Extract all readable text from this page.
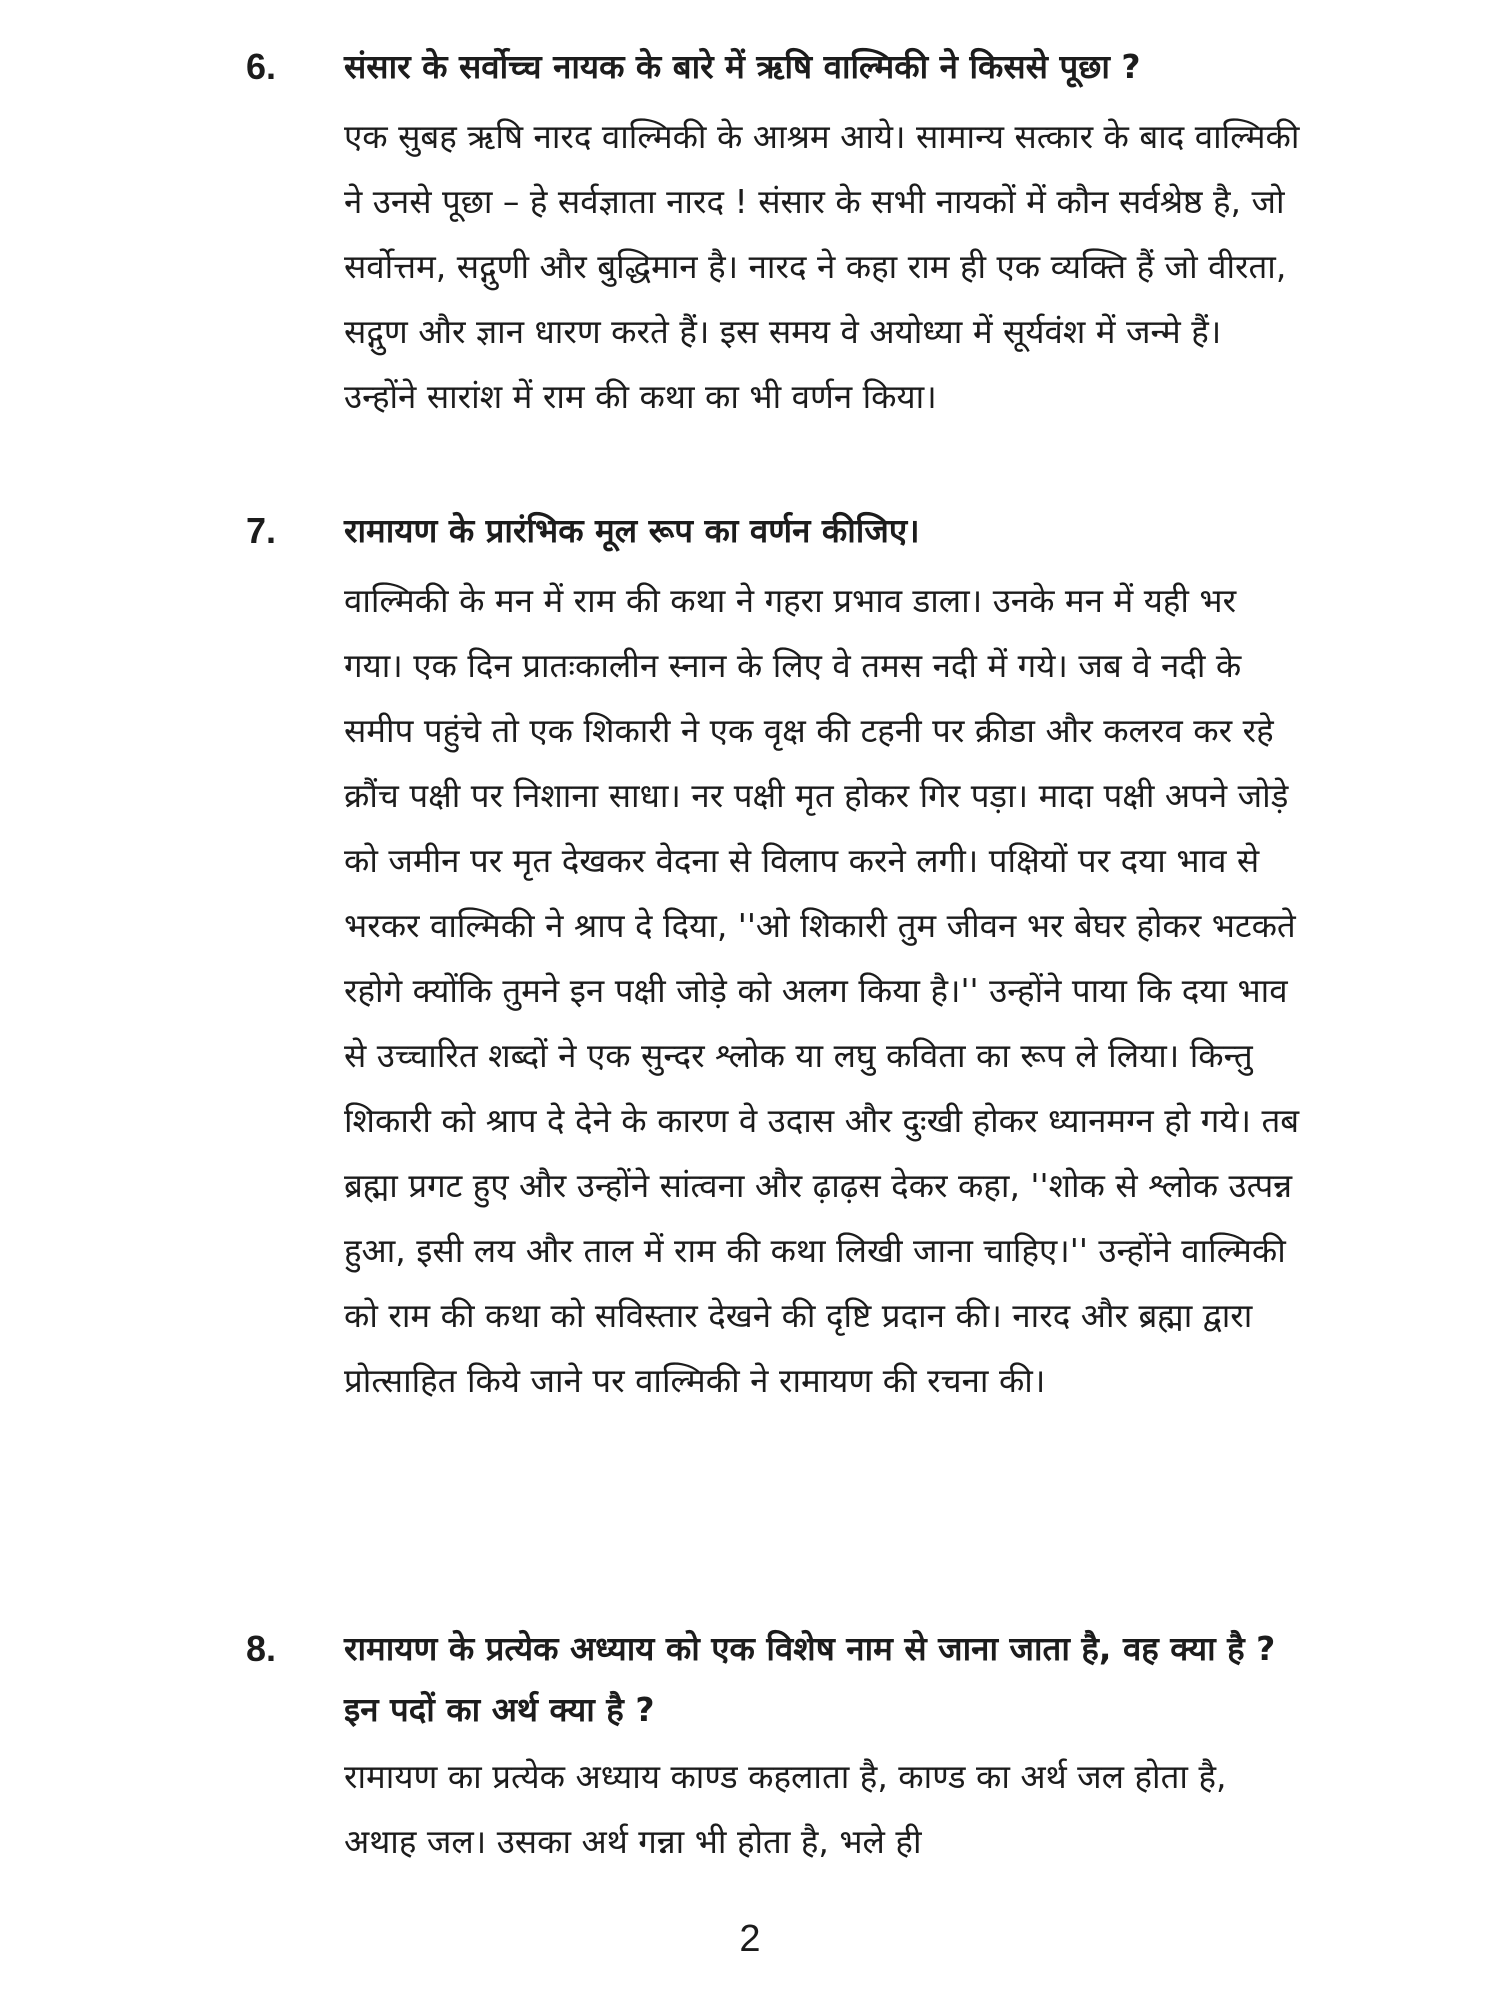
6. संसार के सर्वोच्च नायक के बारे में ऋषि वाल्मिकी ने किससे पूछा ?

एक सुबह ऋषि नारद वाल्मिकी के आश्रम आये। सामान्य सत्कार के बाद वाल्मिकी ने उनसे पूछा – हे सर्वज्ञाता नारद ! संसार के सभी नायकों में कौन सर्वश्रेष्ठ है, जो सर्वोत्तम, सद्गुणी और बुद्धिमान है। नारद ने कहा राम ही एक व्यक्ति हैं जो वीरता, सद्गुण और ज्ञान धारण करते हैं। इस समय वे अयोध्या में सूर्यवंश में जन्मे हैं। उन्होंने सारांश में राम की कथा का भी वर्णन किया।

7. रामायण के प्रारंभिक मूल रूप का वर्णन कीजिए।

वाल्मिकी के मन में राम की कथा ने गहरा प्रभाव डाला। उनके मन में यही भर गया। एक दिन प्रातःकालीन स्नान के लिए वे तमस नदी में गये। जब वे नदी के समीप पहुंचे तो एक शिकारी ने एक वृक्ष की टहनी पर क्रीडा और कलरव कर रहे क्रौंच पक्षी पर निशाना साधा। नर पक्षी मृत होकर गिर पड़ा। मादा पक्षी अपने जोड़े को जमीन पर मृत देखकर वेदना से विलाप करने लगी। पक्षियों पर दया भाव से भरकर वाल्मिकी ने श्राप दे दिया, ''ओ शिकारी तुम जीवन भर बेघर होकर भटकते रहोगे क्योंकि तुमने इन पक्षी जोड़े को अलग किया है।'' उन्होंने पाया कि दया भाव से उच्चारित शब्दों ने एक सुन्दर श्लोक या लघु कविता का रूप ले लिया। किन्तु शिकारी को श्राप दे देने के कारण वे उदास और दुःखी होकर ध्यानमग्न हो गये। तब ब्रह्मा प्रगट हुए और उन्होंने सांत्वना और ढ़ाढ़स देकर कहा, ''शोक से श्लोक उत्पन्न हुआ, इसी लय और ताल में राम की कथा लिखी जाना चाहिए।'' उन्होंने वाल्मिकी को राम की कथा को सविस्तार देखने की दृष्टि प्रदान की। नारद और ब्रह्मा द्वारा प्रोत्साहित किये जाने पर वाल्मिकी ने रामायण की रचना की।

8. रामायण के प्रत्येक अध्याय को एक विशेष नाम से जाना जाता है, वह क्या है ? इन पदों का अर्थ क्या है ?

रामायण का प्रत्येक अध्याय काण्ड कहलाता है, काण्ड का अर्थ जल होता है, अथाह जल। उसका अर्थ गन्ना भी होता है, भले ही

2
